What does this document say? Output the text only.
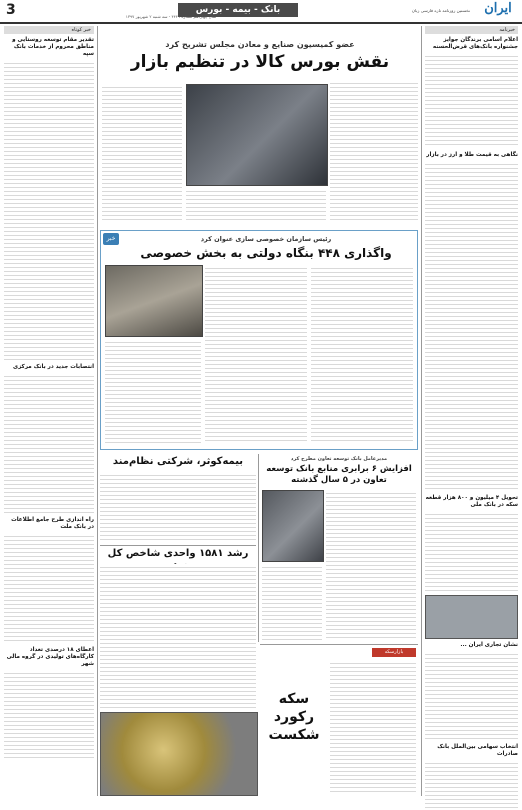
3	بانک - بیمه - بورس
سال چهاردهم شماره ۴۴۴۹ - سه شنبه ۲ شهریور ۱۳۹۷
نخستین روزنامه تازه فارسی زبان	ایران
خبرنامه
اعلام اسامی برندگان جوایز جشنواره بانک‌های قرض‌الحسنه
نگاهی به قیمت طلا و ارز در بازار
تحویل ۴ میلیون و ۸۰۰ هزار قطعه سکه در بانک ملی
نشان تجاری ایران ...
انتخاب سهامی بین‌الملل بانک صادرات
خبر کوتاه
تقدیر مقام توسعه روستایی و مناطق محروم از خدمات بانک سپه
انتصابات جدید در بانک مرکزی
راه اندازی طرح جامع اطلاعات در بانک ملت
اعطای ۱۸ درصدی تعداد کارگاه‌های تولیدی در گروه مالی شهر
عضو کمیسیون صنایع و معادن مجلس تشریح کرد
نقش بورس کالا در تنظیم بازار
خبر	رئیس سازمان خصوصی سازی عنوان کرد
واگذاری ۴۴۸ بنگاه دولتی به بخش خصوصی
بیمه‌کوثر، شرکتی نظام‌مند	مدیرعامل بانک توسعه تعاون مطرح کرد
افزایش ۶ برابری منابع بانک توسعه تعاون در ۵ سال گذشته
رشد ۱۵۸۱ واحدی شاخص کل
بازارسکه
سکه رکورد شکست
